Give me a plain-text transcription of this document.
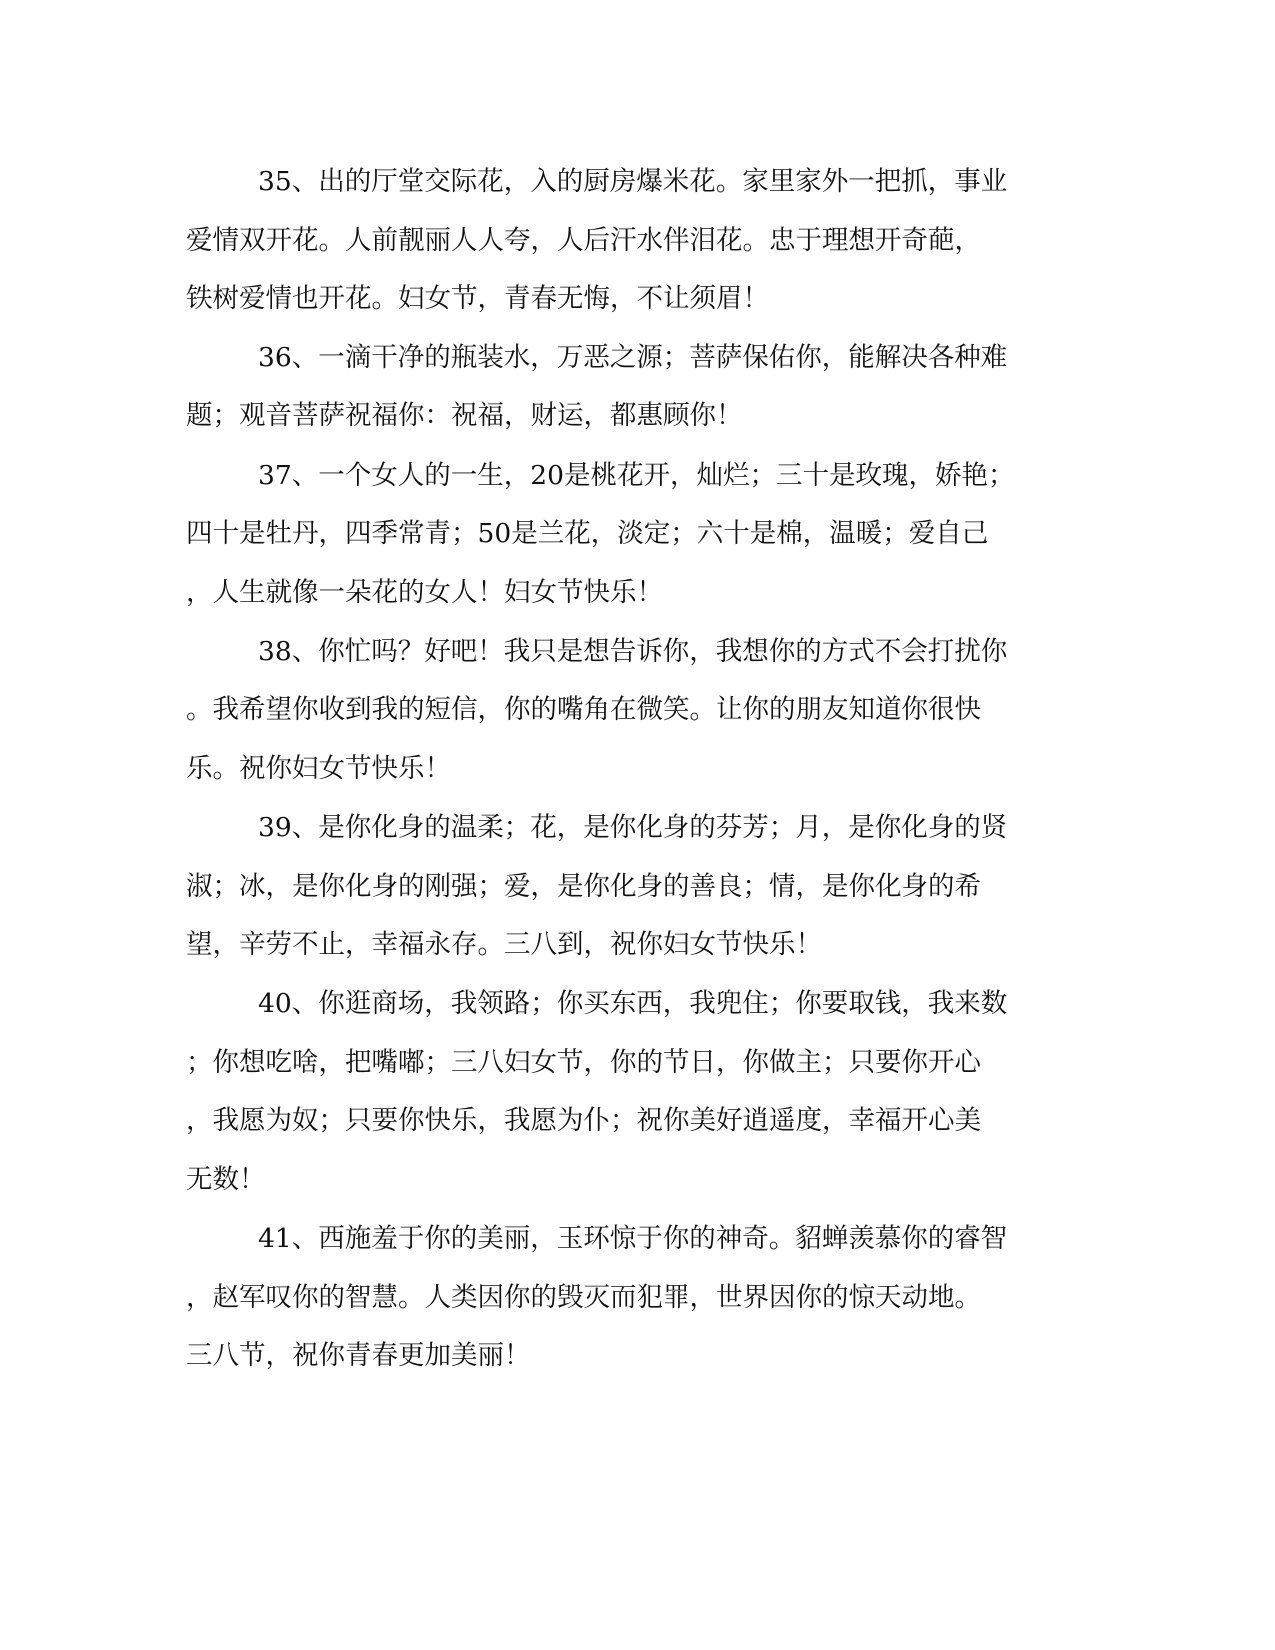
35、出的厅堂交际花，入的厨房爆米花。家里家外一把抓，事业
爱情双开花。人前靓丽人人夸，人后汗水伴泪花。忠于理想开奇葩，
铁树爱情也开花。妇女节，青春无悔，不让须眉！
36、一滴干净的瓶装水，万恶之源；菩萨保佑你，能解决各种难
题；观音菩萨祝福你：祝福，财运，都惠顾你！
37、一个女人的一生，20是桃花开，灿烂；三十是玫瑰，娇艳；
四十是牡丹，四季常青；50是兰花，淡定；六十是棉，温暖；爱自己
，人生就像一朵花的女人！妇女节快乐！
38、你忙吗？好吧！我只是想告诉你，我想你的方式不会打扰你
。我希望你收到我的短信，你的嘴角在微笑。让你的朋友知道你很快
乐。祝你妇女节快乐！
39、是你化身的温柔；花，是你化身的芬芳；月，是你化身的贤
淑；冰，是你化身的刚强；爱，是你化身的善良；情，是你化身的希
望，辛劳不止，幸福永存。三八到，祝你妇女节快乐！
40、你逛商场，我领路；你买东西，我兜住；你要取钱，我来数
；你想吃啥，把嘴嘟；三八妇女节，你的节日，你做主；只要你开心
，我愿为奴；只要你快乐，我愿为仆；祝你美好逍遥度，幸福开心美
无数！
41、西施羞于你的美丽，玉环惊于你的神奇。貂蝉羡慕你的睿智
，赵军叹你的智慧。人类因你的毁灭而犯罪，世界因你的惊天动地。
三八节，祝你青春更加美丽！
